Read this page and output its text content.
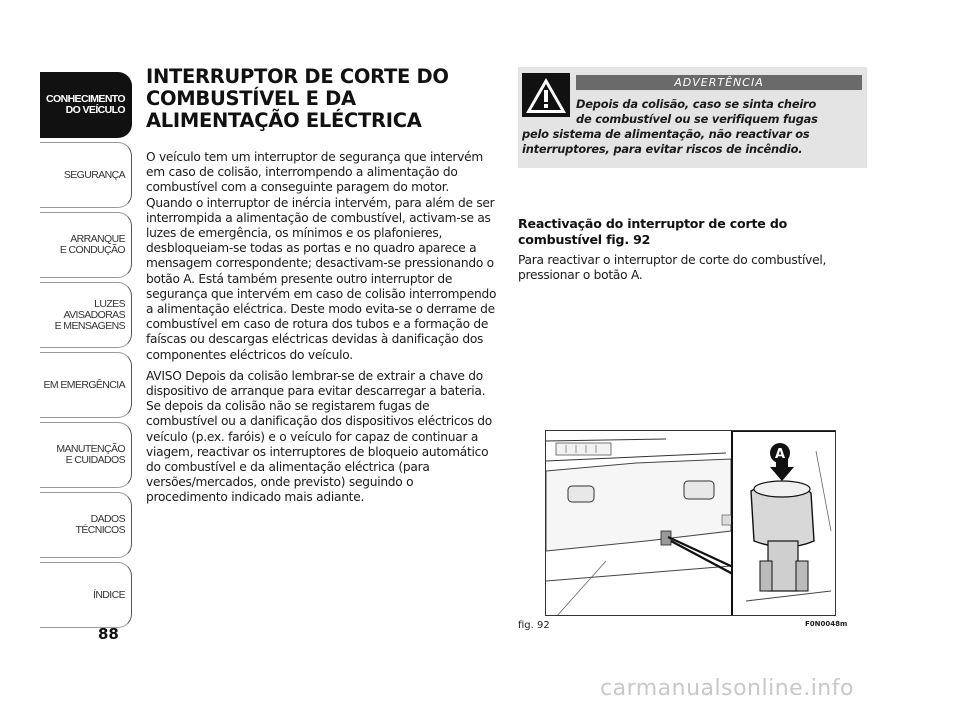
CONHECIMENTO
DO VEÍCULO
SEGURANÇA
ARRANQUE
E CONDUÇÃO
LUZES
AVISADORAS
E MENSAGENS
EM EMERGÊNCIA
MANUTENÇÃO
E CUIDADOS
DADOS
TÉCNICOS
ÍNDICE
88
INTERRUPTOR DE CORTE DO COMBUSTÍVEL E DA ALIMENTAÇÃO ELÉCTRICA

O veículo tem um interruptor de segurança que intervém em caso de colisão, interrompendo a alimentação do combustível com a conseguinte paragem do motor. Quando o interruptor de inércia intervém, para além de ser interrompida a alimentação de combustível, activam-se as luzes de emergência, os mínimos e os plafonieres, desbloqueiam-se todas as portas e no quadro aparece a mensagem correspondente; desactivam-se pressionando o botão A. Está também presente outro interruptor de segurança que intervém em caso de colisão interrompendo a alimentação eléctrica. Deste modo evita-se o derrame de combustível em caso de rotura dos tubos e a formação de faíscas ou descargas eléctricas devidas à danificação dos componentes eléctricos do veículo.

AVISO Depois da colisão lembrar-se de extrair a chave do dispositivo de arranque para evitar descarregar a bateria. Se depois da colisão não se registarem fugas de combustível ou a danificação dos dispositivos eléctricos do veículo (p.ex. faróis) e o veículo for capaz de continuar a viagem, reactivar os interruptores de bloqueio automático do combustível e da alimentação eléctrica (para versões/mercados, onde previsto) seguindo o procedimento indicado mais adiante.

ADVERTÊNCIA
Depois da colisão, caso se sinta cheiro
de combustível ou se verifiquem fugas
pelo sistema de alimentação, não reactivar os interruptores, para evitar riscos de incêndio.
Reactivação do interruptor de corte do combustível fig. 92

Para reactivar o interruptor de corte do combustível, pressionar o botão A.

A
fig. 92	F0N0048m
carmanualsonline.info
